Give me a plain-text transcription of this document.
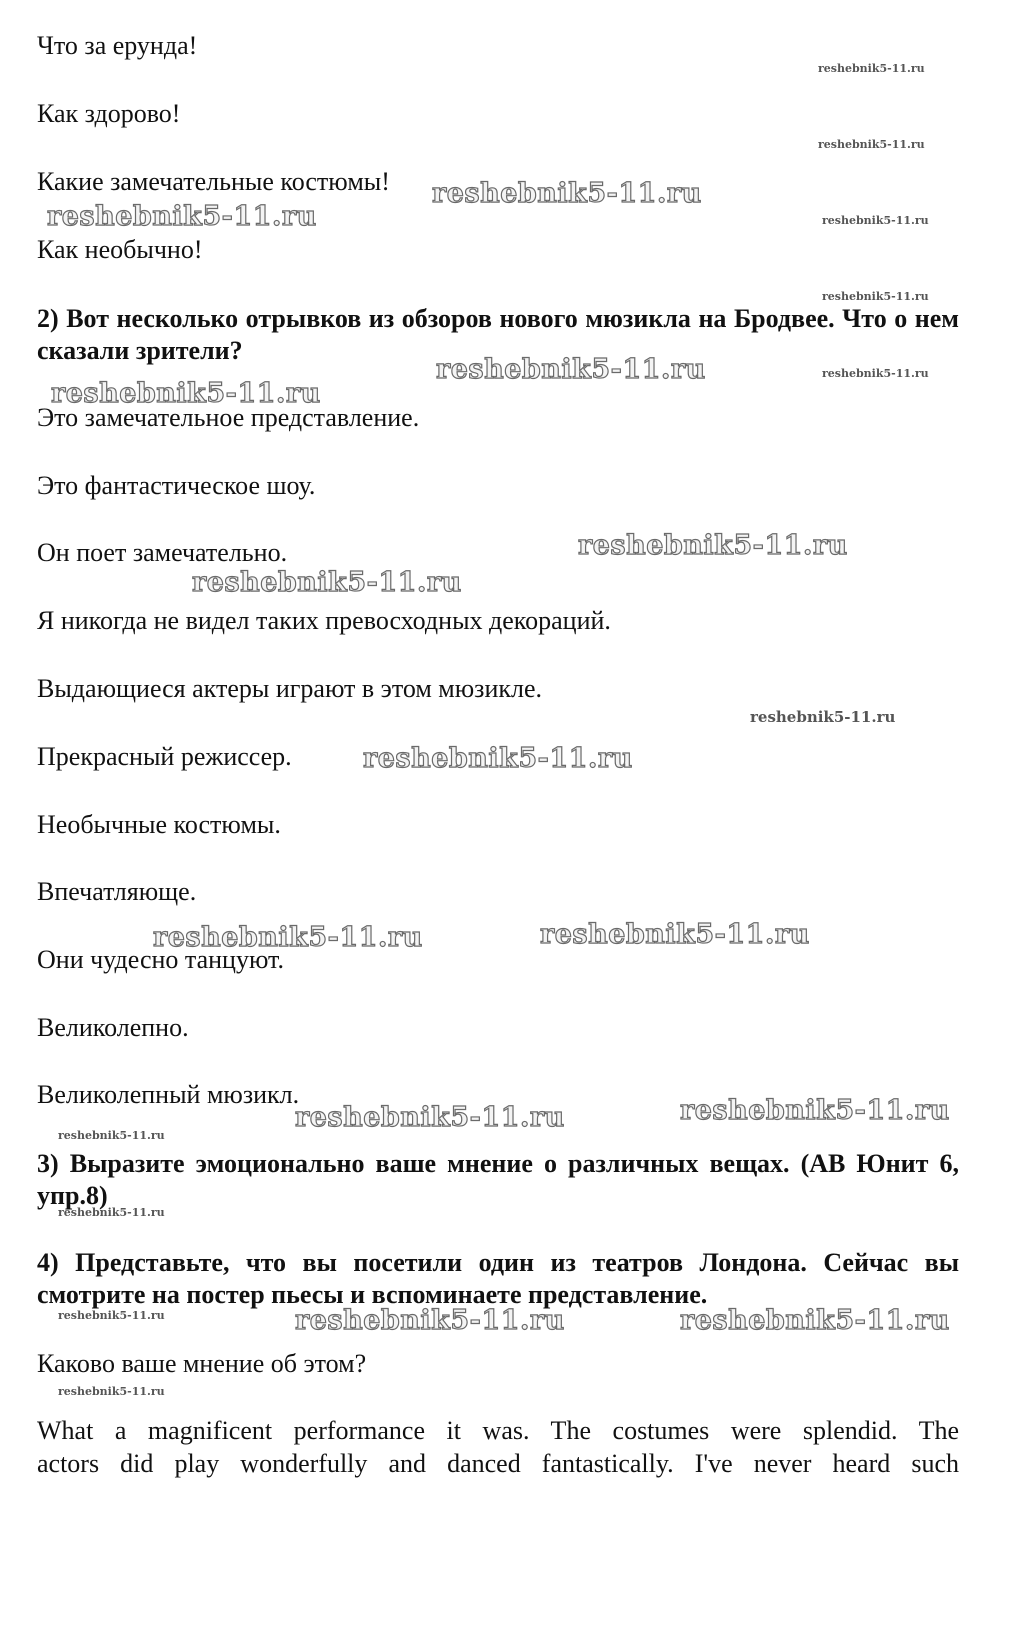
Что за ерунда!
Как здорово!
Какие замечательные костюмы!
Как необычно!
2) Вот несколько отрывков из обзоров нового мюзикла на Бродвее. Что о нем сказали зрители?
Это замечательное представление.
Это фантастическое шоу.
Он поет замечательно.
Я никогда не видел таких превосходных декораций.
Выдающиеся актеры играют в этом мюзикле.
Прекрасный режиссер.
Необычные костюмы.
Впечатляюще.
Они чудесно танцуют.
Великолепно.
Великолепный мюзикл.
3) Выразите эмоционально ваше мнение о различных вещах. (AB Юнит 6, упр.8)
4) Представьте, что вы посетили один из театров Лондона. Сейчас вы смотрите на постер пьесы и вспоминаете представление.
Каково ваше мнение об этом?
What a magnificent performance it was. The costumes were splendid. The
actors did play wonderfully and danced fantastically. I've never heard such
reshebnik5-11.ru
reshebnik5-11.ru
reshebnik5-11.ru
reshebnik5-11.ru	reshebnik5-11.ru
reshebnik5-11.ru
reshebnik5-11.ru	reshebnik5-11.ru
reshebnik5-11.ru
reshebnik5-11.ru
reshebnik5-11.ru
reshebnik5-11.ru
reshebnik5-11.ru
reshebnik5-11.ru	reshebnik5-11.ru
reshebnik5-11.ru
reshebnik5-11.ru
reshebnik5-11.ru
reshebnik5-11.ru
reshebnik5-11.ru	reshebnik5-11.ru	reshebnik5-11.ru
reshebnik5-11.ru
